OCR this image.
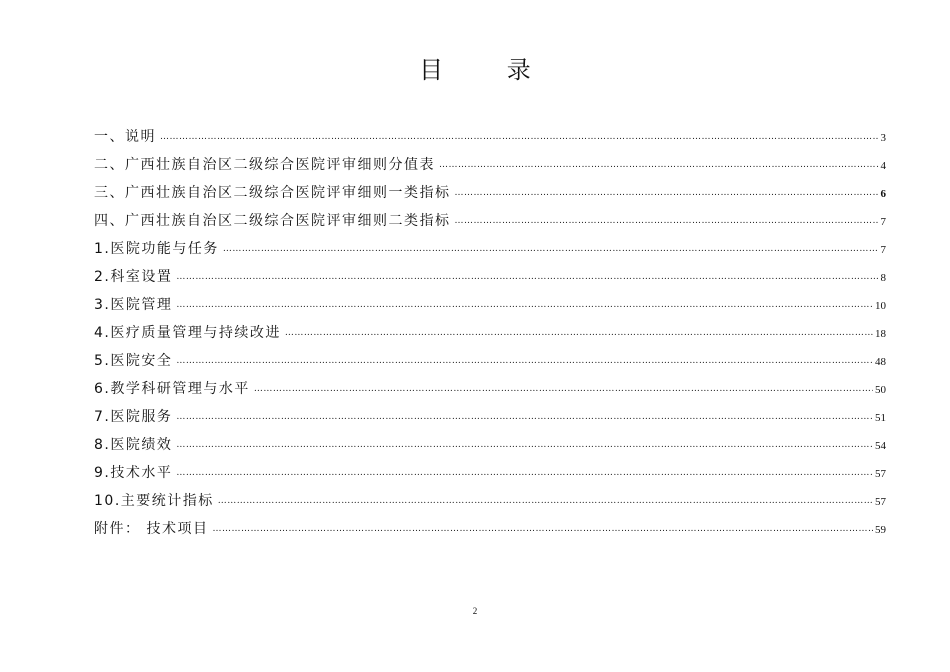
目 录
一、说明 ………………………………………………………………………………………………………………………………………………………………………………………………………………………………………………………………………………	3
二、广西壮族自治区二级综合医院评审细则分值表 ………………………………………………………………………………………………………………………………………………………………………………………………………………………………………………………………………………	4
三、广西壮族自治区二级综合医院评审细则一类指标 ………………………………………………………………………………………………………………………………………………………………………………………………………………………………………………………………………………	6
四、广西壮族自治区二级综合医院评审细则二类指标 ………………………………………………………………………………………………………………………………………………………………………………………………………………………………………………………………………………	7
1.医院功能与任务 ………………………………………………………………………………………………………………………………………………………………………………………………………………………………………………………………………………	7
2.科室设置 ………………………………………………………………………………………………………………………………………………………………………………………………………………………………………………………………………………	8
3.医院管理 ………………………………………………………………………………………………………………………………………………………………………………………………………………………………………………………………………………	10
4.医疗质量管理与持续改进 ………………………………………………………………………………………………………………………………………………………………………………………………………………………………………………………………………………	18
5.医院安全 ………………………………………………………………………………………………………………………………………………………………………………………………………………………………………………………………………………	48
6.教学科研管理与水平 ………………………………………………………………………………………………………………………………………………………………………………………………………………………………………………………………………………	50
7.医院服务 ………………………………………………………………………………………………………………………………………………………………………………………………………………………………………………………………………………	51
8.医院绩效 ………………………………………………………………………………………………………………………………………………………………………………………………………………………………………………………………………………	54
9.技术水平 ………………………………………………………………………………………………………………………………………………………………………………………………………………………………………………………………………………	57
10.主要统计指标 ………………………………………………………………………………………………………………………………………………………………………………………………………………………………………………………………………………	57
附件： 技术项目 ………………………………………………………………………………………………………………………………………………………………………………………………………………………………………………………………………………	59
2
